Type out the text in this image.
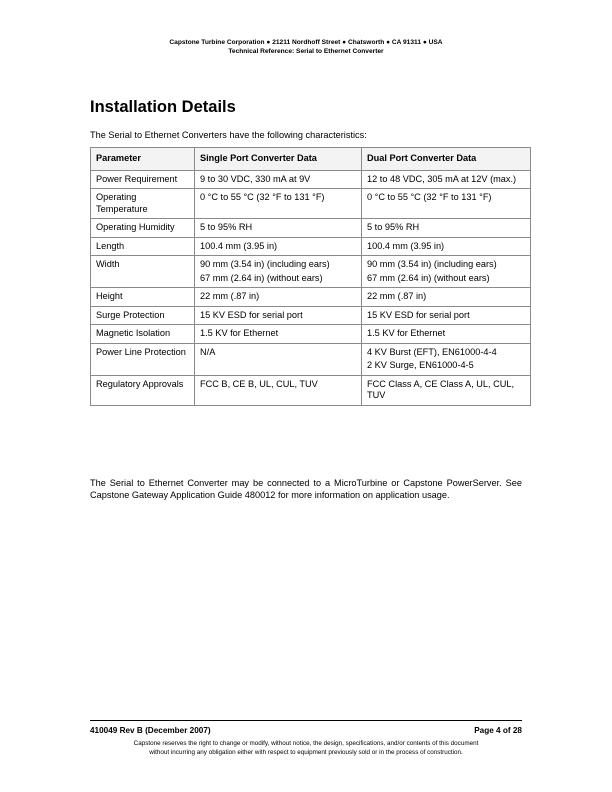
Capstone Turbine Corporation ● 21211 Nordhoff Street ● Chatsworth ● CA 91311 ● USA
Technical Reference: Serial to Ethernet Converter
Installation Details

The Serial to Ethernet Converters have the following characteristics:

Parameter	Single Port Converter Data	Dual Port Converter Data
Power Requirement	9 to 30 VDC, 330 mA at 9V	12 to 48 VDC, 305 mA at 12V (max.)

Operating Temperature	0 °C to 55 °C (32 °F to 131 °F)	0 °C to 55 °C (32 °F to 131 °F)

Operating Humidity	5 to 95% RH	5 to 95% RH

Length	100.4 mm (3.95 in)	100.4 mm (3.95 in)

Width	90 mm (3.54 in) (including ears)
67 mm (2.64 in) (without ears)	90 mm (3.54 in) (including ears)
67 mm (2.64 in) (without ears)

Height	22 mm (.87 in)	22 mm (.87 in)

Surge Protection	15 KV ESD for serial port	15 KV ESD for serial port

Magnetic Isolation	1.5 KV for Ethernet	1.5 KV for Ethernet

Power Line Protection	N/A	4 KV Burst (EFT), EN61000-4-4
2 KV Surge, EN61000-4-5

Regulatory Approvals	FCC B, CE B, UL, CUL, TUV	FCC Class A, CE Class A, UL, CUL, TUV

The Serial to Ethernet Converter may be connected to a MicroTurbine or Capstone PowerServer. See Capstone Gateway Application Guide 480012 for more information on application usage.

410049 Rev B (December 2007)	Page 4 of 28
Capstone reserves the right to change or modify, without notice, the design, specifications, and/or contents of this document
without incurring any obligation either with respect to equipment previously sold or in the process of construction.
